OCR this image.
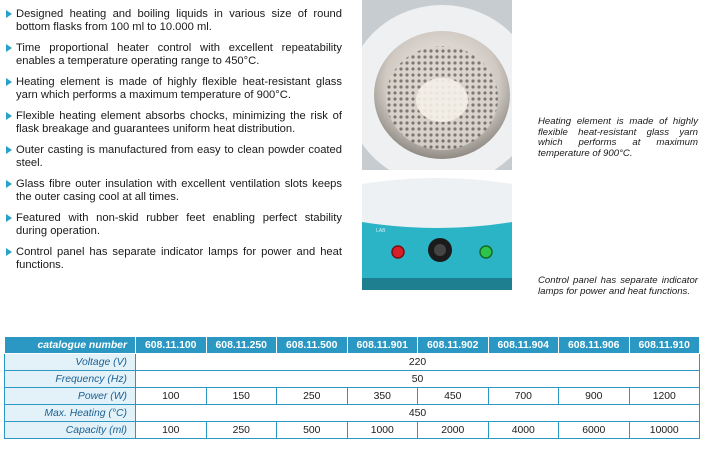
Designed heating and boiling liquids in various size of round bottom flasks from 100 ml to 10.000 ml.
Time proportional heater control with excellent repeatability enables a temperature operating range to 450°C.
Heating element is made of highly flexible heat-resistant glass yarn which performs a maximum temperature of 900°C.
Flexible heating element absorbs chocks, minimizing the risk of flask breakage and guarantees uniform heat distribution.
Outer casting is manufactured from easy to clean powder coated steel.
Glass fibre outer insulation with excellent ventilation slots keeps the outer casing cool at all times.
Featured with non-skid rubber feet enabling perfect stability during operation.
Control panel has separate indicator lamps for power and heat functions.
LAB
Heating element is made of highly flexible heat-resistant glass yarn which performs at maximum temperature of 900°C.
Control panel has separate indicator lamps for power and heat functions.
catalogue number	608.11.100	608.11.250	608.11.500	608.11.901	608.11.902	608.11.904	608.11.906	608.11.910
Voltage (V)	220							
Frequency (Hz)	50							
Power (W)	100	150	250	350	450	700	900	1200
Max. Heating (°C)	450							
Capacity (ml)	100	250	500	1000	2000	4000	6000	10000
